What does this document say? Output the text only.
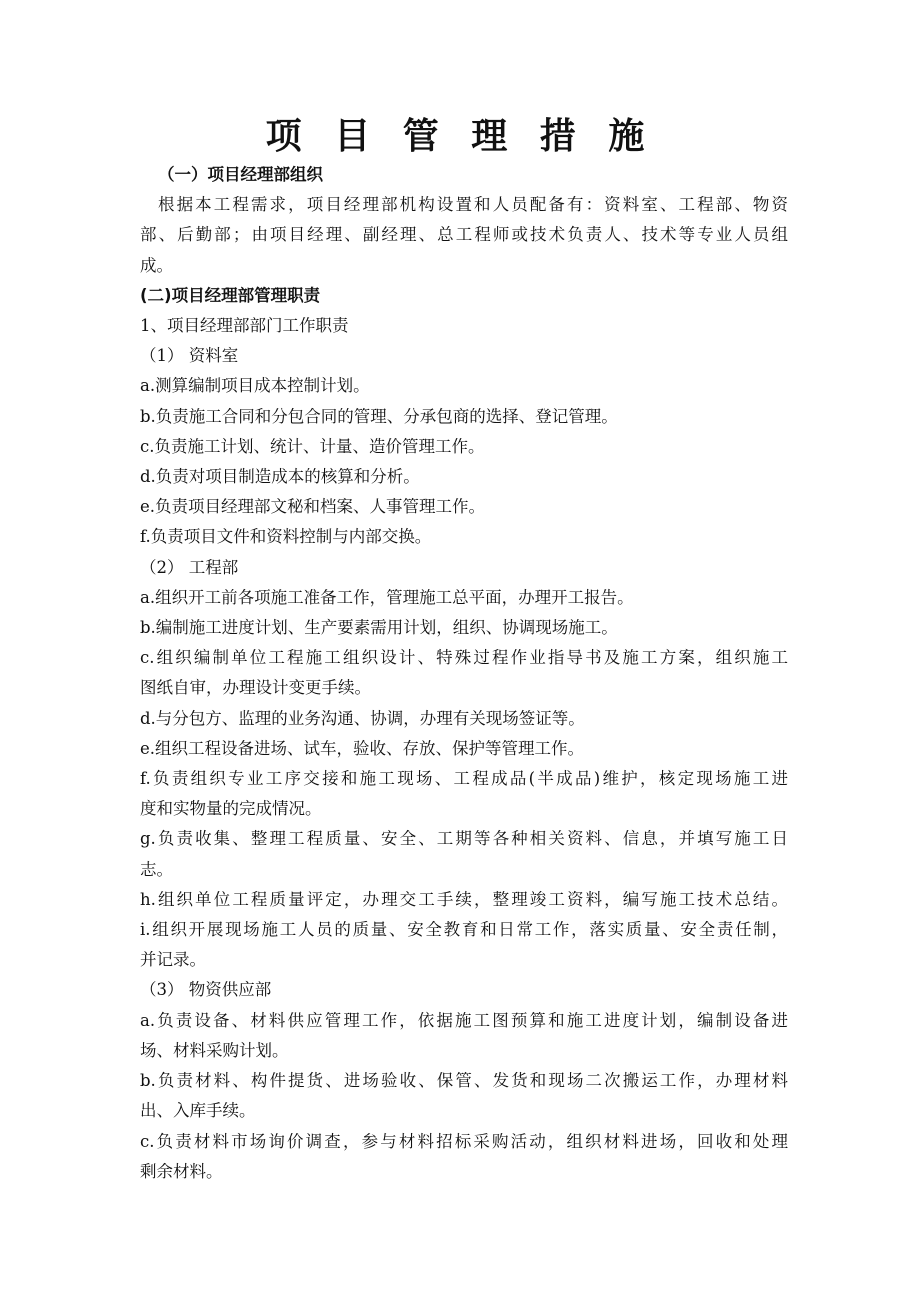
项 目 管 理 措 施
（一）项目经理部组织
根据本工程需求，项目经理部机构设置和人员配备有：资料室、工程部、物资
部、后勤部；由项目经理、副经理、总工程师或技术负责人、技术等专业人员组
成。
(二)项目经理部管理职责
1、项目经理部部门工作职责
（1） 资料室
a.测算编制项目成本控制计划。
b.负责施工合同和分包合同的管理、分承包商的选择、登记管理。
c.负责施工计划、统计、计量、造价管理工作。
d.负责对项目制造成本的核算和分析。
e.负责项目经理部文秘和档案、人事管理工作。
f.负责项目文件和资料控制与内部交换。
（2） 工程部
a.组织开工前各项施工准备工作，管理施工总平面，办理开工报告。
b.编制施工进度计划、生产要素需用计划，组织、协调现场施工。
c.组织编制单位工程施工组织设计、特殊过程作业指导书及施工方案，组织施工
图纸自审，办理设计变更手续。
d.与分包方、监理的业务沟通、协调，办理有关现场签证等。
e.组织工程设备进场、试车，验收、存放、保护等管理工作。
f.负责组织专业工序交接和施工现场、工程成品(半成品)维护，核定现场施工进
度和实物量的完成情况。
g.负责收集、整理工程质量、安全、工期等各种相关资料、信息，并填写施工日
志。
h.组织单位工程质量评定，办理交工手续，整理竣工资料，编写施工技术总结。
i.组织开展现场施工人员的质量、安全教育和日常工作，落实质量、安全责任制，
并记录。
（3） 物资供应部
a.负责设备、材料供应管理工作，依据施工图预算和施工进度计划，编制设备进
场、材料采购计划。
b.负责材料、构件提货、进场验收、保管、发货和现场二次搬运工作，办理材料
出、入库手续。
c.负责材料市场询价调查，参与材料招标采购活动，组织材料进场，回收和处理
剩余材料。
